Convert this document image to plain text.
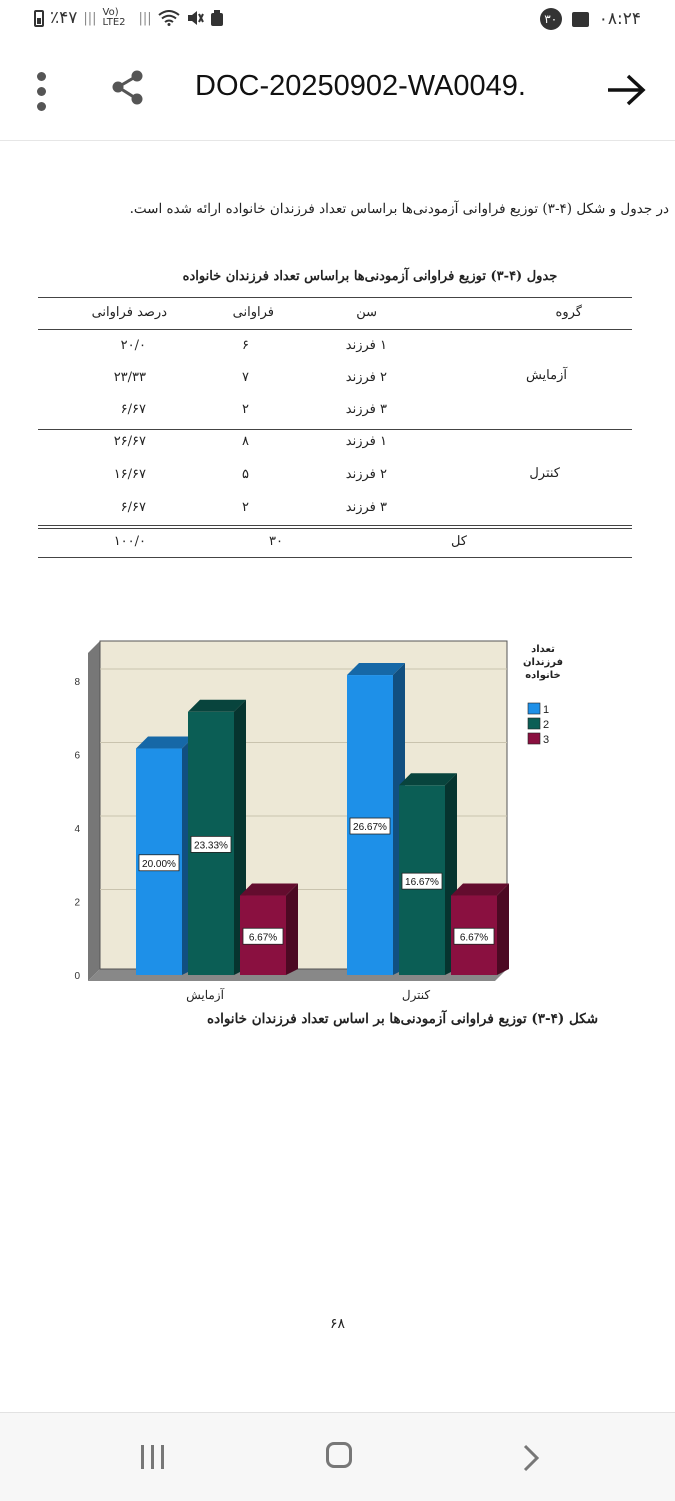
٪۴۷ ||| Vo) LTE2	|||	۳۰ ۰۸:۲۴
DOC-20250902-WA0049.
در جدول و شکل (۴-۳) توزیع فراوانی آزمودنی‌ها براساس تعداد فرزندان خانواده ارائه شده است.
جدول (۴-۳) توزیع فراوانی آزمودنی‌ها براساس تعداد فرزندان خانواده
گروه
سن
فراوانی
درصد فراوانی
آزمایش
۱ فرزند
۶
۲۰/۰
۲ فرزند
۷
۲۳/۳۳
۳ فرزند
۲
۶/۶۷
کنترل
۱ فرزند
۸
۲۶/۶۷
۲ فرزند
۵
۱۶/۶۷
۳ فرزند
۲
۶/۶۷
کل
۳۰
۱۰۰/۰
0
2
4
6
8
20.00%
23.33%
6.67%
آزمایش
26.67%
16.67%
6.67%
کنترل
تعداد فرزندان خانواده
1
2
3
شکل (۴-۳) توزیع فراوانی آزمودنی‌ها بر اساس تعداد فرزندان خانواده
۶۸
